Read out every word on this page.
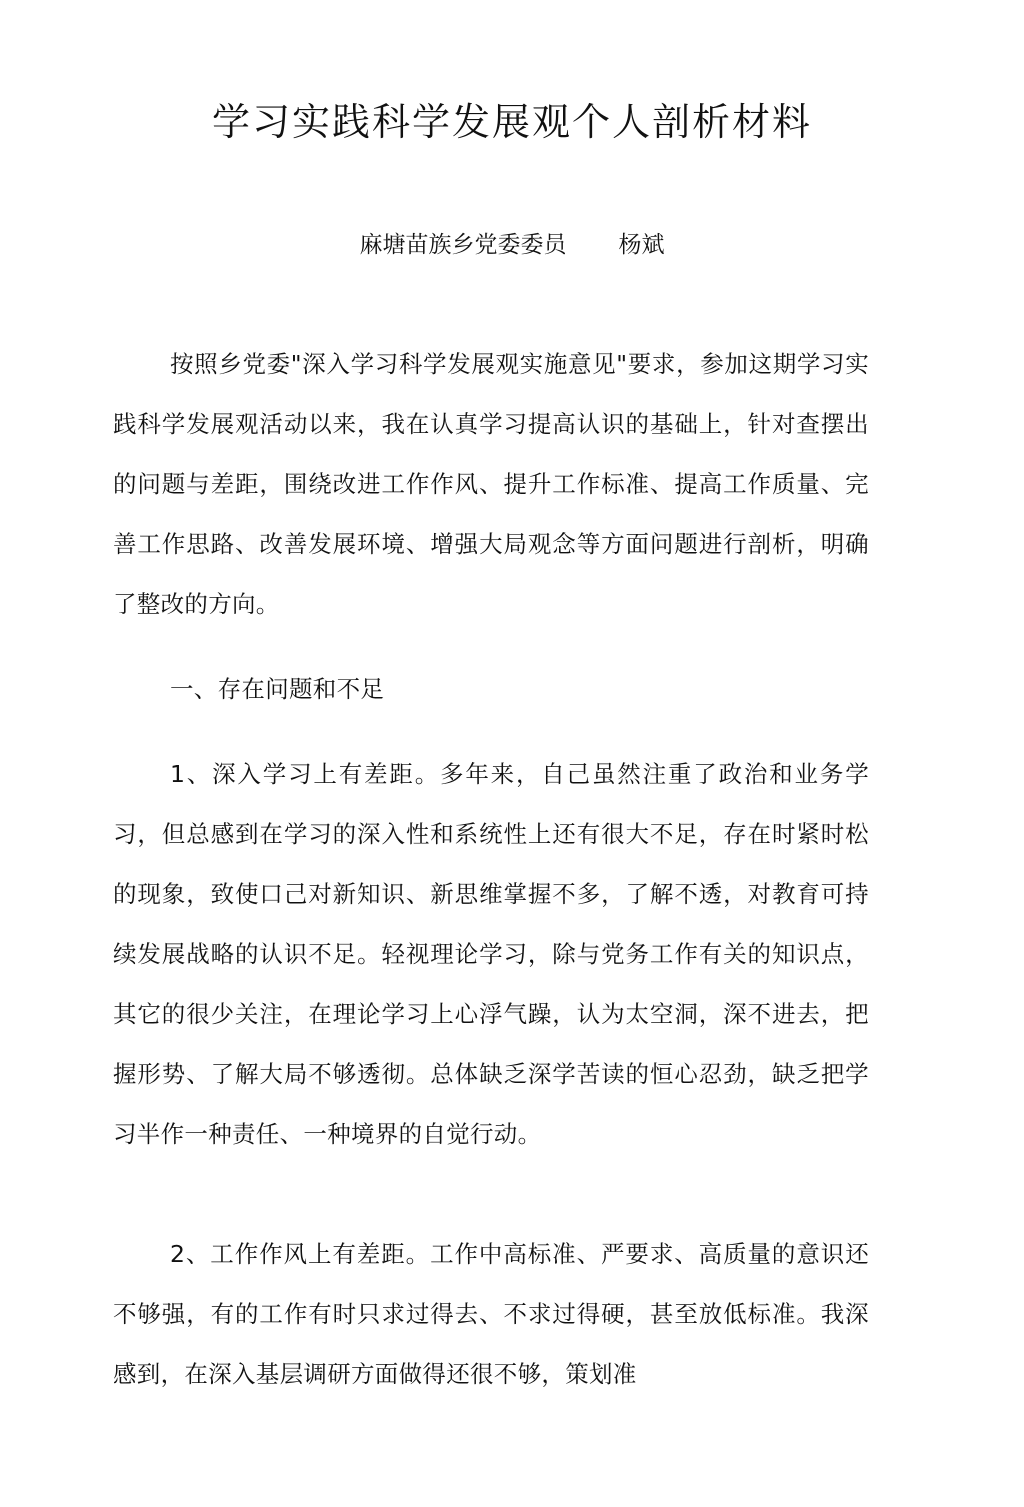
学习实践科学发展观个人剖析材料
麻塘苗族乡党委委员 杨斌

按照乡党委"深入学习科学发展观实施意见"要求，参加这期学习实践科学发展观活动以来，我在认真学习提高认识的基础上，针对查摆出的问题与差距，围绕改进工作作风、提升工作标准、提高工作质量、完善工作思路、改善发展环境、增强大局观念等方面问题进行剖析，明确了整改的方向。

一、存在问题和不足

1、深入学习上有差距。多年来，自己虽然注重了政治和业务学习，但总感到在学习的深入性和系统性上还有很大不足，存在时紧时松的现象，致使口己对新知识、新思维掌握不多，了解不透，对教育可持续发展战略的认识不足。轻视理论学习，除与党务工作有关的知识点，其它的很少关注，在理论学习上心浮气躁，认为太空洞，深不进去，把握形势、了解大局不够透彻。总体缺乏深学苦读的恒心忍劲，缺乏把学习半作一种责任、一种境界的自觉行动。

2、工作作风上有差距。工作中高标准、严要求、高质量的意识还不够强，有的工作有时只求过得去、不求过得硬，甚至放低标准。我深感到，在深入基层调研方面做得还很不够，策划准
